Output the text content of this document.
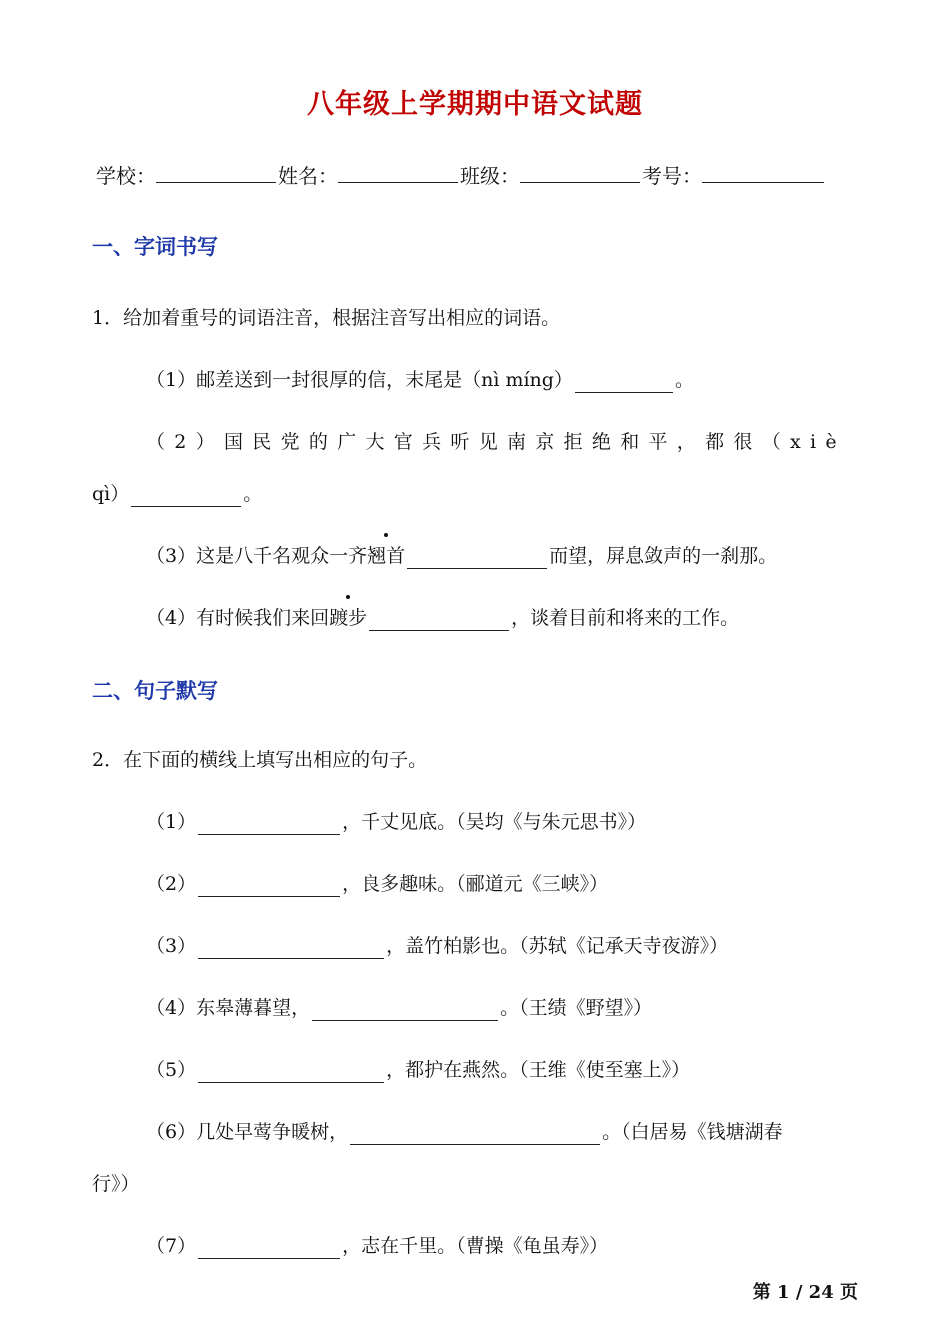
八年级上学期期中语文试题
学校：	姓名：	班级：	考号：
一、字词书写
1．给加着重号的词语注音，根据注音写出相应的词语。
（1）邮差送到一封很厚的信，末尾是（nì míng）	。
（2）国民党的广大官兵听见南京拒绝和平，都很（xiè
qì）	。
（3）这是八千名观众一齐翘首	而望，屏息敛声的一刹那。
（4）有时候我们来回踱步	，谈着目前和将来的工作。
二、句子默写
2．在下面的横线上填写出相应的句子。
（1）	，千丈见底。（吴均《与朱元思书》）
（2）	，良多趣味。（郦道元《三峡》）
（3）	，盖竹柏影也。（苏轼《记承天寺夜游》）
（4）东皋薄暮望，	。（王绩《野望》）
（5）	，都护在燕然。（王维《使至塞上》）
（6）几处早莺争暖树，	。（白居易《钱塘湖春
行》）
（7）	，志在千里。（曹操《龟虽寿》）
第 1 / 24 页
